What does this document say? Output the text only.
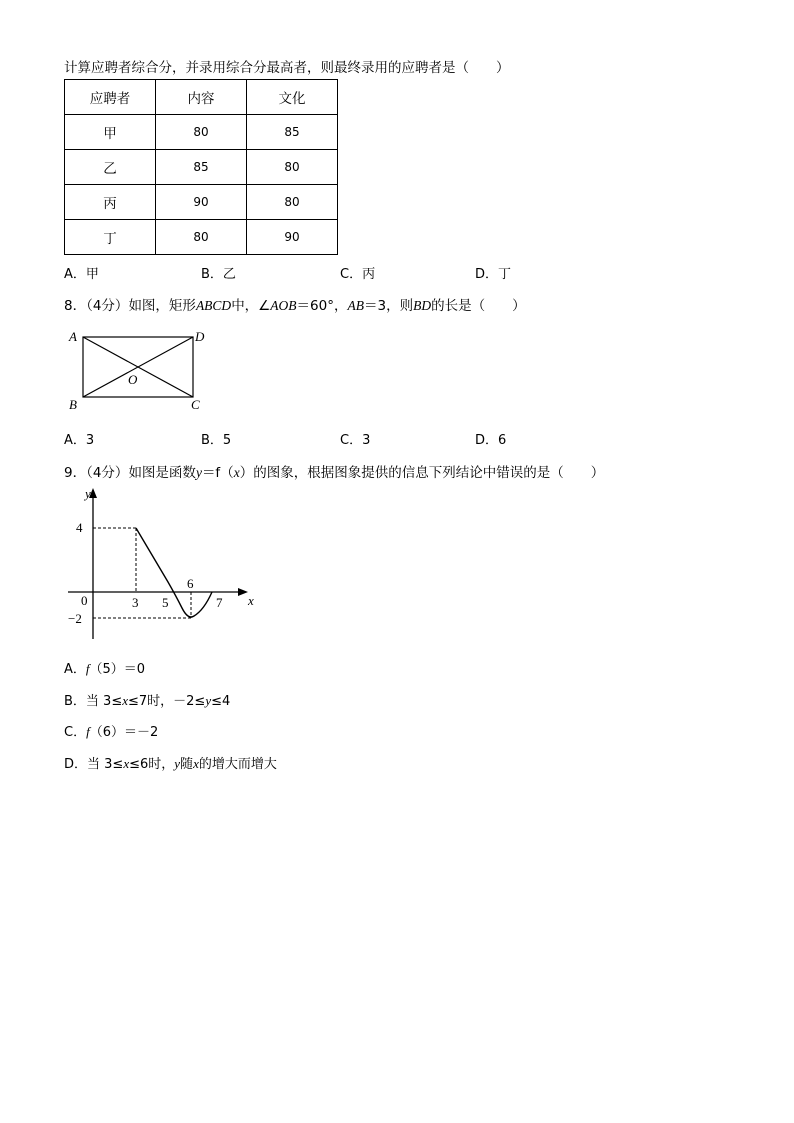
计算应聘者综合分，并录用综合分最高者，则最终录用的应聘者是（　　）
应聘者	内容	文化
甲	80	85
乙	85	80
丙	90	80
丁	80	90
A．甲	B．乙	C．丙	D．丁
8．（4分）如图，矩形ABCD中，∠AOB＝60°，AB＝3，则BD的长是（　　）
A	D
B	C
O
A．3	B．5	C．3	D．6
9．（4分）如图是函数y＝f（x）的图象，根据图象提供的信息下列结论中错误的是（　　）
y
x
0
4
−2
3 5
6
7
A．f（5）＝0
B．当 3≤x≤7时，－2≤y≤4
C．f（6）＝－2
D．当 3≤x≤6时，y随x的增大而增大
